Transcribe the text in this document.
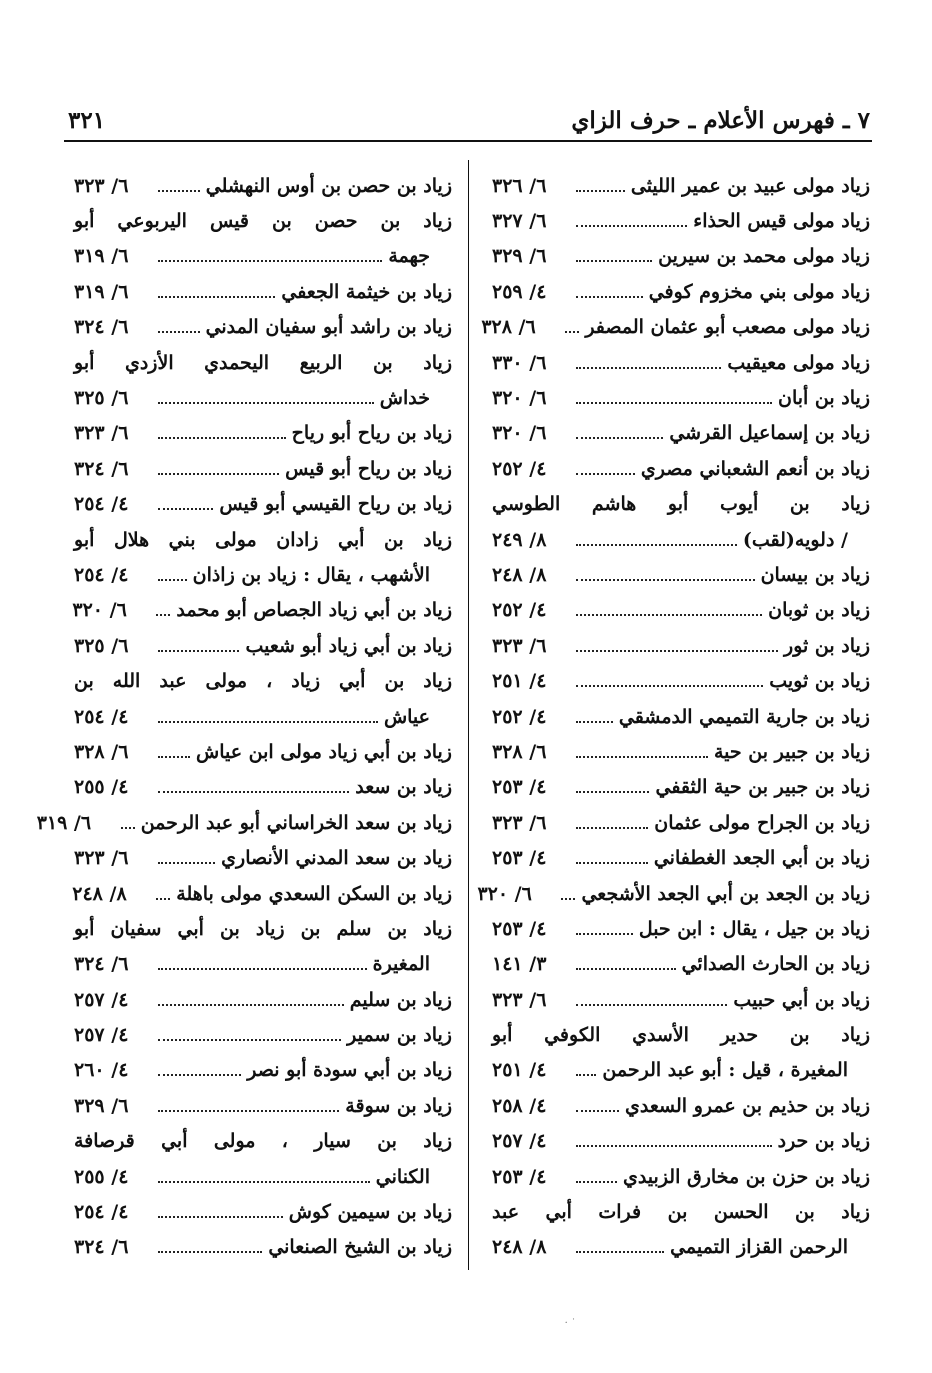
٧ ـ فهرس الأعلام ـ حرف الزاي
٣٢١
زياد مولى عبيد بن عمير الليثى
٦/ ٣٢٦
زياد مولى قيس الحذاء
٦/ ٣٢٧
زياد مولى محمد بن سيرين
٦/ ٣٢٩
زياد مولى بني مخزوم كوفي
٤/ ٢٥٩
زياد مولى مصعب أبو عثمان المصفر
٦/ ٣٢٨
زياد مولى معيقيب
٦/ ٣٣٠
زياد بن أبان
٦/ ٣٢٠
زياد بن إسماعيل القرشي
٦/ ٣٢٠
زياد بن أنعم الشعباني مصري
٤/ ٢٥٢
زياد بن أيوب أبو هاشم الطوسي
/ دلويه(لقب)
٨/ ٢٤٩
زياد بن بيسان
٨/ ٢٤٨
زياد بن ثوبان
٤/ ٢٥٢
زياد بن ثور
٦/ ٣٢٣
زياد بن ثويب
٤/ ٢٥١
زياد بن جارية التميمي الدمشقي
٤/ ٢٥٢
زياد بن جبير بن حية
٦/ ٣٢٨
زياد بن جبير بن حية الثقفي
٤/ ٢٥٣
زياد بن الجراح مولى عثمان
٦/ ٣٢٣
زياد بن أبي الجعد الغطفاني
٤/ ٢٥٣
زياد بن الجعد بن أبي الجعد الأشجعي
٦/ ٣٢٠
زياد بن جيل ، يقال : ابن حبل
٤/ ٢٥٣
زياد بن الحارث الصدائي
٣/ ١٤١
زياد بن أبي حبيب
٦/ ٣٢٣
زياد بن حدير الأسدي الكوفي أبو
المغيرة ، قيل : أبو عبد الرحمن
٤/ ٢٥١
زياد بن حذيم بن عمرو السعدي
٤/ ٢٥٨
زياد بن حرد
٤/ ٢٥٧
زياد بن حزن بن مخارق الزبيدي
٤/ ٢٥٣
زياد بن الحسن بن فرات أبي عبد
الرحمن القزاز التميمي
٨/ ٢٤٨
زياد بن حصن بن أوس النهشلي
٦/ ٣٢٣
زياد بن حصن بن قيس اليربوعي أبو
جهمة
٦/ ٣١٩
زياد بن خيثمة الجعفي
٦/ ٣١٩
زياد بن راشد أبو سفيان المدني
٦/ ٣٢٤
زياد بن الربيع اليحمدي الأزدي أبو
خداش
٦/ ٣٢٥
زياد بن رياح أبو رياح
٦/ ٣٢٣
زياد بن رياح أبو قيس
٦/ ٣٢٤
زياد بن رياح القيسي أبو قيس
٤/ ٢٥٤
زياد بن أبي زادان مولى بني هلال أبو
الأشهب ، يقال : زياد بن زاذان
٤/ ٢٥٤
زياد بن أبي زياد الجصاص أبو محمد
٦/ ٣٢٠
زياد بن أبي زياد أبو شعيب
٦/ ٣٢٥
زياد بن أبي زياد ، مولى عبد الله بن
عياش
٤/ ٢٥٤
زياد بن أبي زياد مولى ابن عياش
٦/ ٣٢٨
زياد بن سعد
٤/ ٢٥٥
زياد بن سعد الخراساني أبو عبد الرحمن
٦/ ٣١٩
زياد بن سعد المدني الأنصاري
٦/ ٣٢٣
زياد بن السكن السعدي مولى باهلة
٨/ ٢٤٨
زياد بن سلم بن زياد بن أبي سفيان أبو
المغيرة
٦/ ٣٢٤
زياد بن سليم
٤/ ٢٥٧
زياد بن سمير
٤/ ٢٥٧
زياد بن أبي سودة أبو نصر
٤/ ٢٦٠
زياد بن سوقة
٦/ ٣٢٩
زياد بن سيار ، مولى أبي قرصافة
الكناني
٤/ ٢٥٥
زياد بن سيمين كوش
٤/ ٢٥٤
زياد بن الشيخ الصنعاني
٦/ ٣٢٤
˙ ·
